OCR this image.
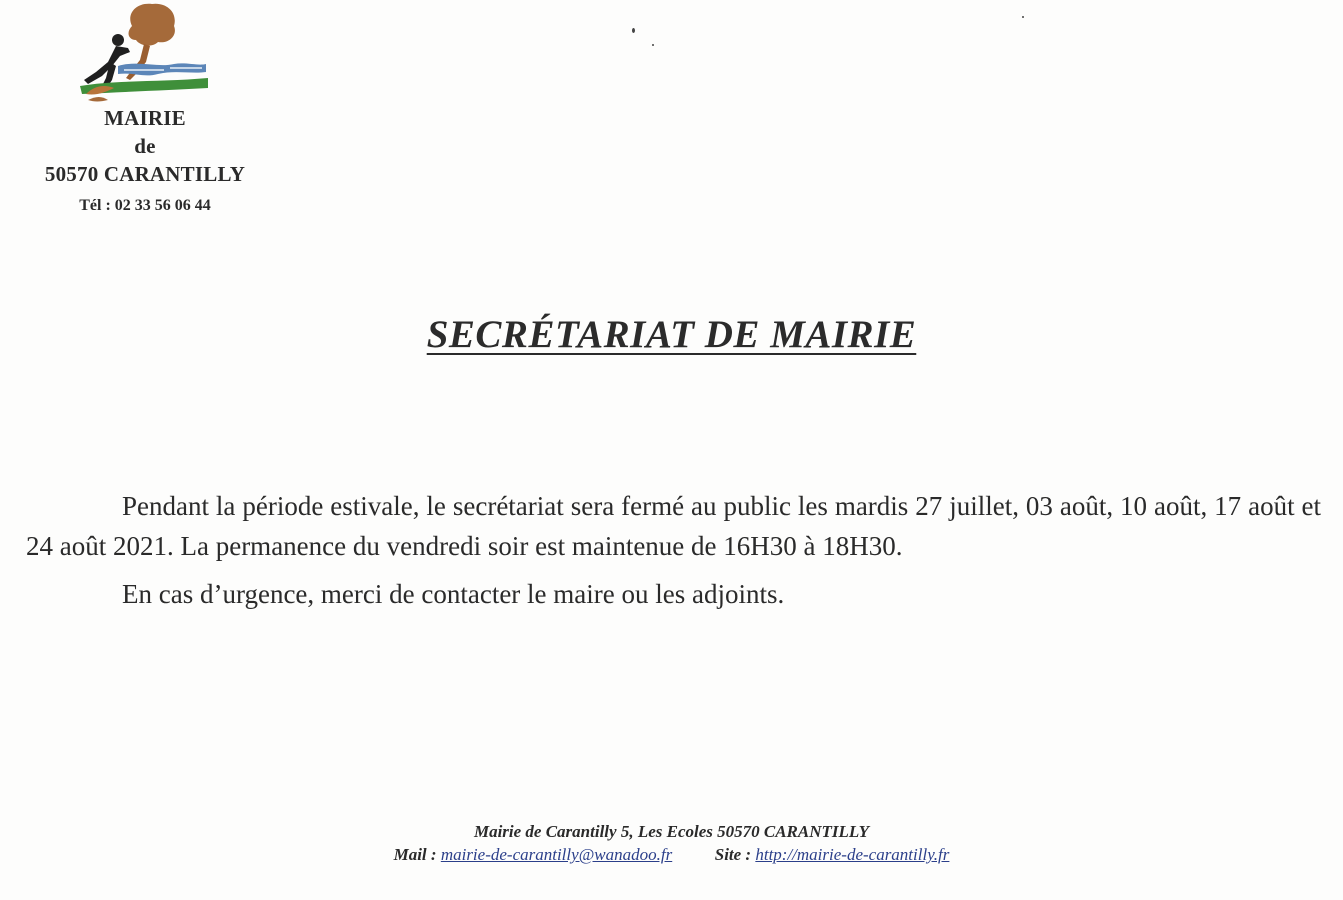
MAIRIE
de
50570 CARANTILLY
Tél : 02 33 56 06 44
SECRÉTARIAT DE MAIRIE

Pendant la période estivale, le secrétariat sera fermé au public les mardis 27 juillet, 03 août, 10 août, 17 août et 24 août 2021. La permanence du vendredi soir est maintenue de 16H30 à 18H30.

En cas d’urgence, merci de contacter le maire ou les adjoints.

Mairie de Carantilly 5, Les Ecoles 50570 CARANTILLY
Mail : mairie-de-carantilly@wanadoo.fr	Site : http://mairie-de-carantilly.fr
